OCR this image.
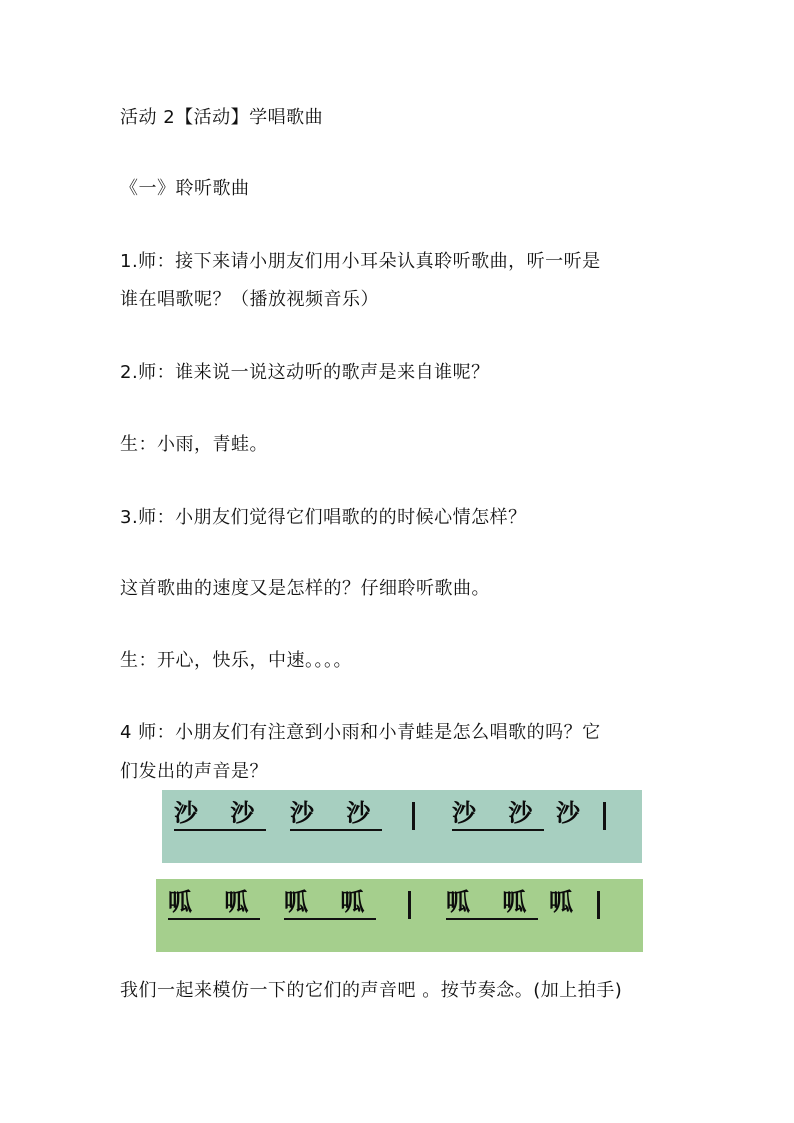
活动 2【活动】学唱歌曲
《一》聆听歌曲
1.师：接下来请小朋友们用小耳朵认真聆听歌曲，听一听是
谁在唱歌呢？（播放视频音乐）
2.师：谁来说一说这动听的歌声是来自谁呢？
生：小雨，青蛙。
3.师：小朋友们觉得它们唱歌的的时候心情怎样？
这首歌曲的速度又是怎样的？仔细聆听歌曲。
生：开心，快乐，中速。。。。
4 师：小朋友们有注意到小雨和小青蛙是怎么唱歌的吗？它
们发出的声音是？
沙 沙 沙 沙	沙 沙 沙
呱 呱 呱 呱	呱 呱 呱
我们一起来模仿一下的它们的声音吧 。按节奏念。(加上拍手)
